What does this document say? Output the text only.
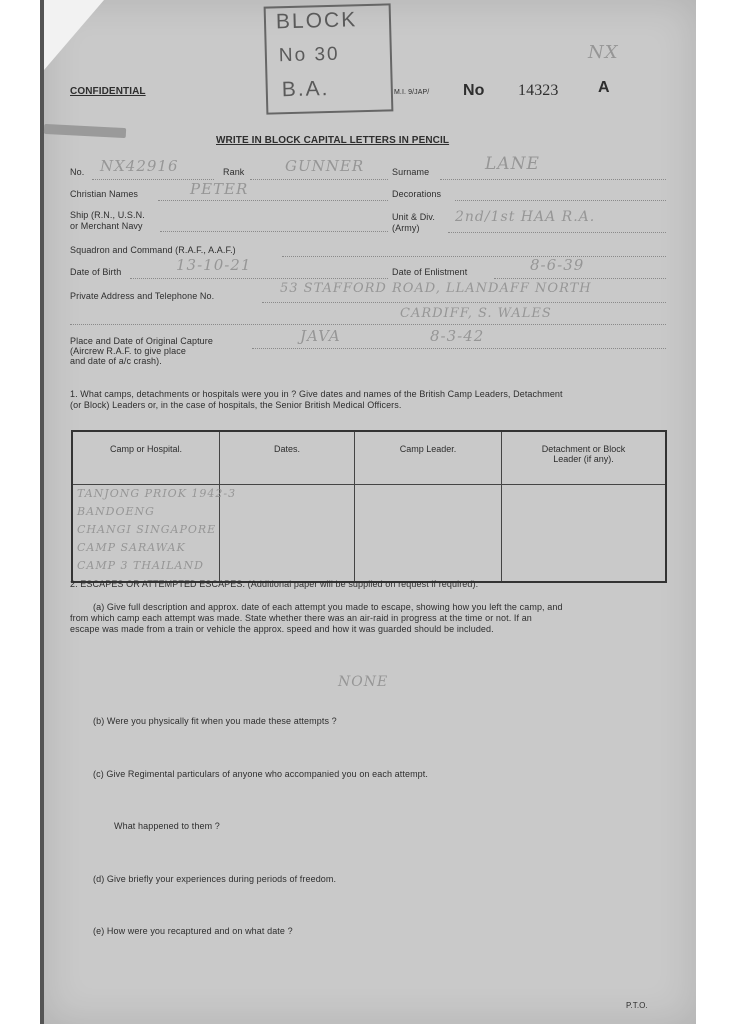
BLOCK
No 30
B.A.
CONFIDENTIAL	M.I. 9/JAP/ No 14323 A
NX
WRITE IN BLOCK CAPITAL LETTERS IN PENCIL
No. NX42916	Rank	GUNNER	Surname	LANE
Christian Names	PETER	Decorations
Ship (R.N., U.S.N.
or Merchant Navy
Unit & Div.
(Army)
2nd/1st HAA R.A.
Squadron and Command (R.A.F., A.A.F.)
Date of Birth	13-10-21	Date of Enlistment	8-6-39
Private Address and Telephone No.	53 STAFFORD ROAD, LLANDAFF NORTH
CARDIFF, S. WALES
Place and Date of Original Capture
(Aircrew R.A.F. to give place
and date of a/c crash).
JAVA	8-3-42
1. What camps, detachments or hospitals were you in ? Give dates and names of the British Camp Leaders, Detachment
(or Block) Leaders or, in the case of hospitals, the Senior British Medical Officers.
Camp or Hospital.	Dates.	Camp Leader.	Detachment or Block
Leader (if any).

TANJONG PRIOK 1942-3
BANDOENG
CHANGI SINGAPORE
CAMP SARAWAK
CAMP 3 THAILAND			

2. ESCAPES OR ATTEMPTED ESCAPES. (Additional paper will be supplied on request if required).
(a) Give full description and approx. date of each attempt you made to escape, showing how you left the camp, and
from which camp each attempt was made. State whether there was an air-raid in progress at the time or not. If an
escape was made from a train or vehicle the approx. speed and how it was guarded should be included.
NONE
(b) Were you physically fit when you made these attempts ?
(c) Give Regimental particulars of anyone who accompanied you on each attempt.
What happened to them ?
(d) Give briefly your experiences during periods of freedom.
(e) How were you recaptured and on what date ?
P.T.O.
